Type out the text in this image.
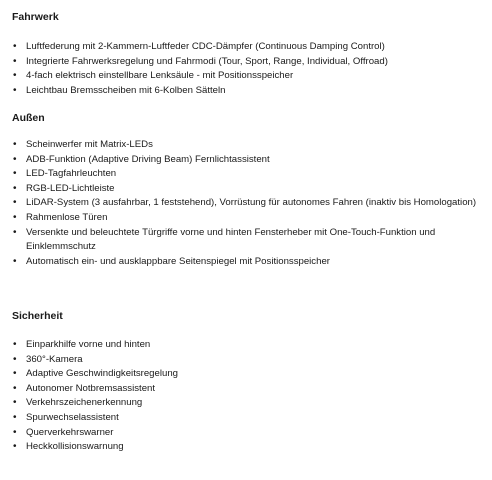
Fahrwerk
• Luftfederung mit 2-Kammern-Luftfeder CDC-Dämpfer (Continuous Damping Control)
• Integrierte Fahrwerksregelung und Fahrmodi (Tour, Sport, Range, Individual, Offroad)
• 4-fach elektrisch einstellbare Lenksäule - mit Positionsspeicher
• Leichtbau Bremsscheiben mit 6-Kolben Sätteln
Außen
• Scheinwerfer mit Matrix-LEDs
• ADB-Funktion (Adaptive Driving Beam) Fernlichtassistent
• LED-Tagfahrleuchten
• RGB-LED-Lichtleiste
• LiDAR-System (3 ausfahrbar, 1 feststehend), Vorrüstung für autonomes Fahren (inaktiv bis Homologation)
• Rahmenlose Türen
• Versenkte und beleuchtete Türgriffe vorne und hinten Fensterheber mit One-Touch-Funktion und Einklemmschutz
• Automatisch ein- und ausklappbare Seitenspiegel mit Positionsspeicher
Sicherheit
• Einparkhilfe vorne und hinten
• 360°-Kamera
• Adaptive Geschwindigkeitsregelung
• Autonomer Notbremsassistent
• Verkehrszeichenerkennung
• Spurwechselassistent
• Querverkehrswarner
• Heckkollisionswarnung
